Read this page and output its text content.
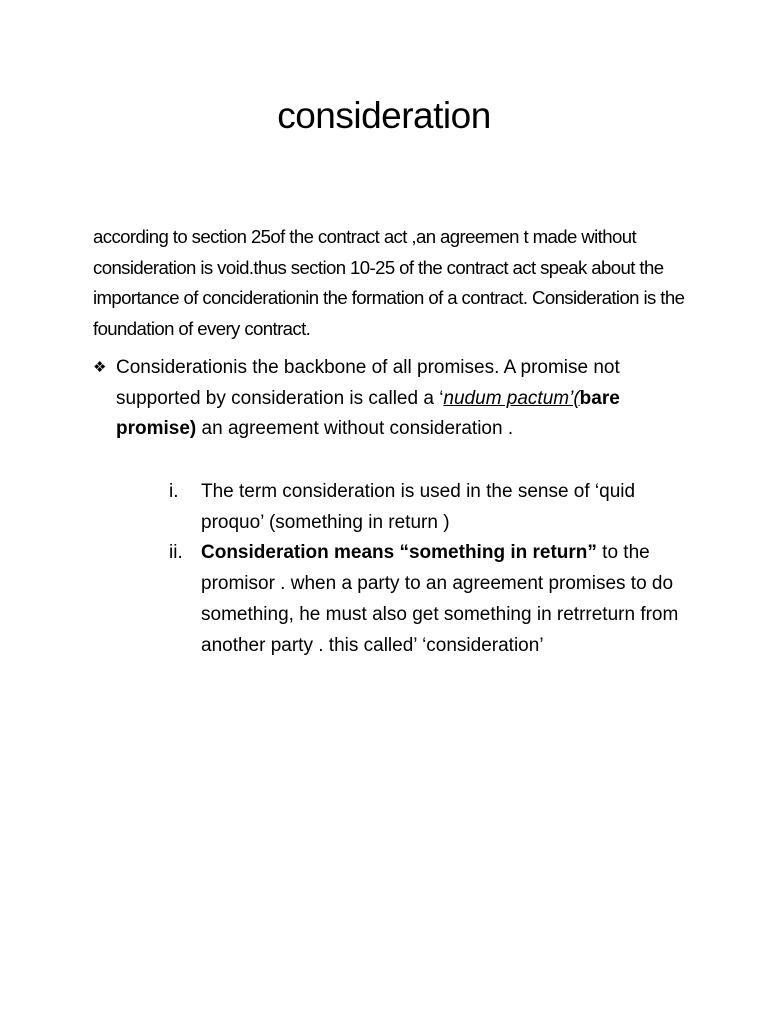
consideration
according to section 25of the contract act ,an agreemen t made without consideration is void.thus section 10-25 of the contract act speak about the importance of conciderationin the formation of a contract. Consideration is the foundation of every contract.
❖ Considerationis the backbone of all promises. A promise not supported by consideration is called a ‘nudum pactum’(bare promise) an agreement without consideration .
i.	The term consideration is used in the sense of ‘quid proquo’ (something in return )
ii. Consideration means “something in return” to the promisor . when a party to an agreement promises to do something, he must also get something in retrreturn from another party . this called’ ‘consideration’
